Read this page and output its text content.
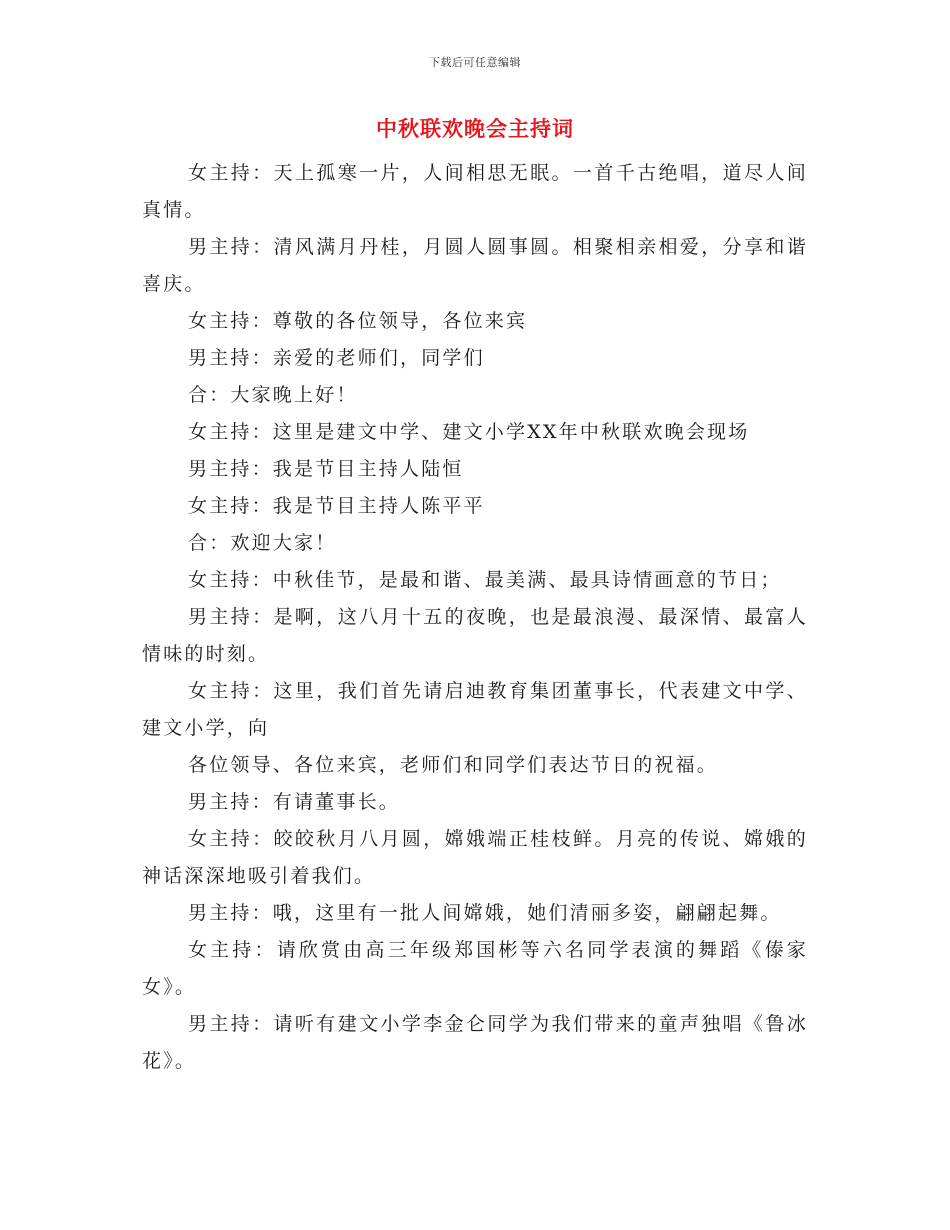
下载后可任意编辑
中秋联欢晚会主持词

女主持：天上孤寒一片，人间相思无眠。一首千古绝唱，道尽人间真情。

男主持：清风满月丹桂，月圆人圆事圆。相聚相亲相爱，分享和谐喜庆。

女主持：尊敬的各位领导，各位来宾

男主持：亲爱的老师们，同学们

合：大家晚上好！

女主持：这里是建文中学、建文小学XX年中秋联欢晚会现场

男主持：我是节目主持人陆恒

女主持：我是节目主持人陈平平

合：欢迎大家！

女主持：中秋佳节，是最和谐、最美满、最具诗情画意的节日；

男主持：是啊，这八月十五的夜晚，也是最浪漫、最深情、最富人情味的时刻。

女主持：这里，我们首先请启迪教育集团董事长，代表建文中学、建文小学，向

各位领导、各位来宾，老师们和同学们表达节日的祝福。

男主持：有请董事长。

女主持：皎皎秋月八月圆，嫦娥端正桂枝鲜。月亮的传说、嫦娥的神话深深地吸引着我们。

男主持：哦，这里有一批人间嫦娥，她们清丽多姿，翩翩起舞。

女主持：请欣赏由高三年级郑国彬等六名同学表演的舞蹈《傣家女》。

男主持：请听有建文小学李金仑同学为我们带来的童声独唱《鲁冰花》。
